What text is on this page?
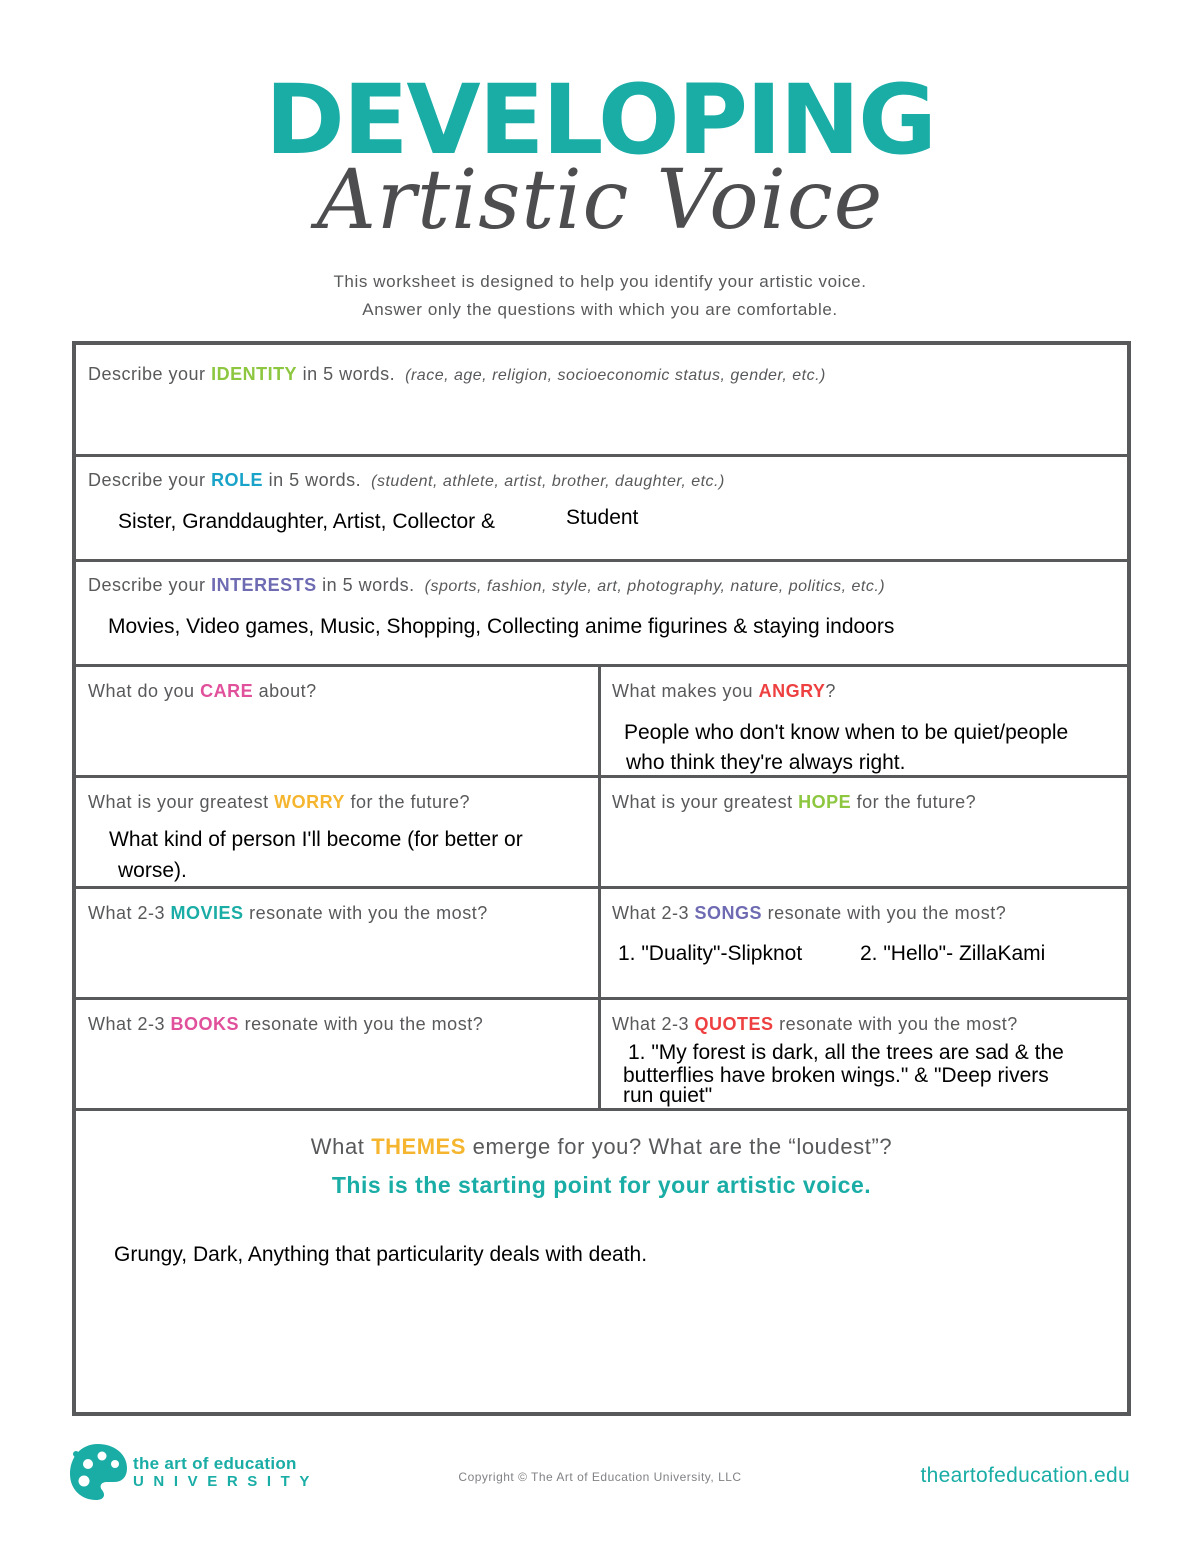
DEVELOPING
Artistic Voice
This worksheet is designed to help you identify your artistic voice.
Answer only the questions with which you are comfortable.
Describe your IDENTITY in 5 words. (race, age, religion, socioeconomic status, gender, etc.)
Describe your ROLE in 5 words. (student, athlete, artist, brother, daughter, etc.)
Sister, Granddaughter, Artist, Collector &	Student
Describe your INTERESTS in 5 words. (sports, fashion, style, art, photography, nature, politics, etc.)
Movies, Video games, Music, Shopping, Collecting anime figurines & staying indoors
What do you CARE about?	What makes you ANGRY?
People who don't know when to be quiet/people
who think they're always right.
What is your greatest WORRY for the future?
What kind of person I'll become (for better or
worse).
What is your greatest HOPE for the future?
What 2-3 MOVIES resonate with you the most?	What 2-3 SONGS resonate with you the most?
1. "Duality"-Slipknot	2. "Hello"- ZillaKami
What 2-3 BOOKS resonate with you the most?	What 2-3 QUOTES resonate with you the most?
1. "My forest is dark, all the trees are sad & the
butterflies have broken wings." & "Deep rivers
run quiet"
What THEMES emerge for you? What are the “loudest”?
This is the starting point for your artistic voice.
Grungy, Dark, Anything that particularity deals with death.
the art of education
UNIVERSITY	Copyright © The Art of Education University, LLC	theartofeducation.edu
